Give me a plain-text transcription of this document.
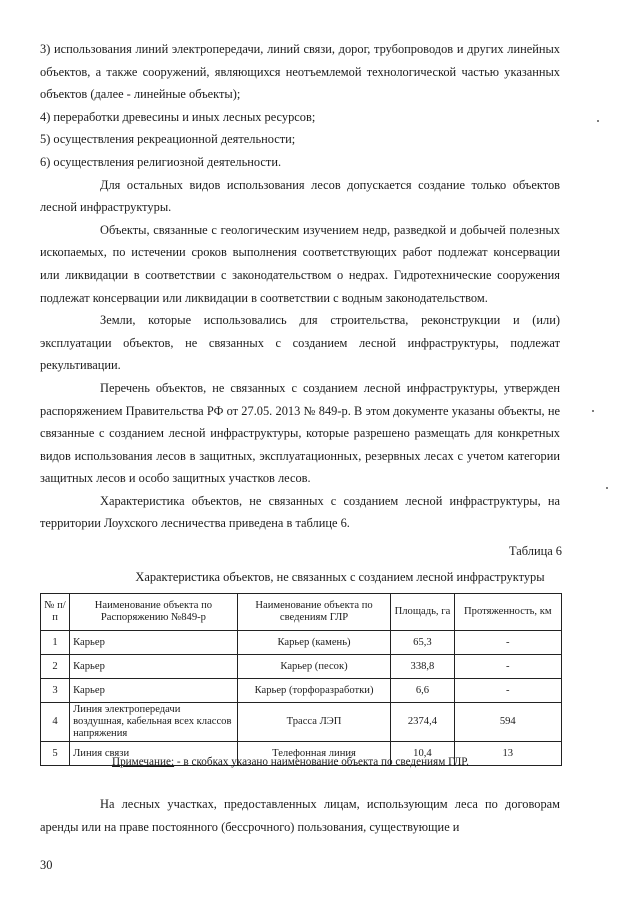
3) использования линий электропередачи, линий связи, дорог, трубопроводов и других линейных объектов, а также сооружений, являющихся неотъемлемой технологической частью указанных объектов (далее - линейные объекты);

4) переработки древесины и иных лесных ресурсов;

5) осуществления рекреационной деятельности;

6) осуществления религиозной деятельности.

Для остальных видов использования лесов допускается создание только объектов лесной инфраструктуры.

Объекты, связанные с геологическим изучением недр, разведкой и добычей полезных ископаемых, по истечении сроков выполнения соответствующих работ подлежат консервации или ликвидации в соответствии с законодательством о недрах. Гидротехнические сооружения подлежат консервации или ликвидации в соответствии с водным законодательством.

Земли, которые использовались для строительства, реконструкции и (или) эксплуатации объектов, не связанных с созданием лесной инфраструктуры, подлежат рекультивации.

Перечень объектов, не связанных с созданием лесной инфраструктуры, утвержден распоряжением Правительства РФ от 27.05. 2013 № 849-р. В этом документе указаны объекты, не связанные с созданием лесной инфраструктуры, которые разрешено размещать для конкретных видов использования лесов в защитных, эксплуатационных, резервных лесах с учетом категории защитных лесов и особо защитных участков лесов.

Характеристика объектов, не связанных с созданием лесной инфраструктуры, на территории Лоухского лесничества приведена в таблице 6.

Таблица 6
Характеристика объектов, не связанных с созданием лесной инфраструктуры
№ п/п	Наименование объекта по Распоряжению №849-р	Наименование объекта по сведениям ГЛР	Площадь, га	Протяженность, км
1	Карьер	Карьер (камень)	65,3	-
2	Карьер	Карьер (песок)	338,8	-
3	Карьер	Карьер (торфоразработки)	6,6	-
4	Линия электропередачи воздушная, кабельная всех классов напряжения	Трасса ЛЭП	2374,4	594
5	Линия связи	Телефонная линия	10,4	13
Примечание: - в скобках указано наименование объекта по сведениям ГЛР.

На лесных участках, предоставленных лицам, использующим леса по договорам аренды или на праве постоянного (бессрочного) пользования, существующие и

30
